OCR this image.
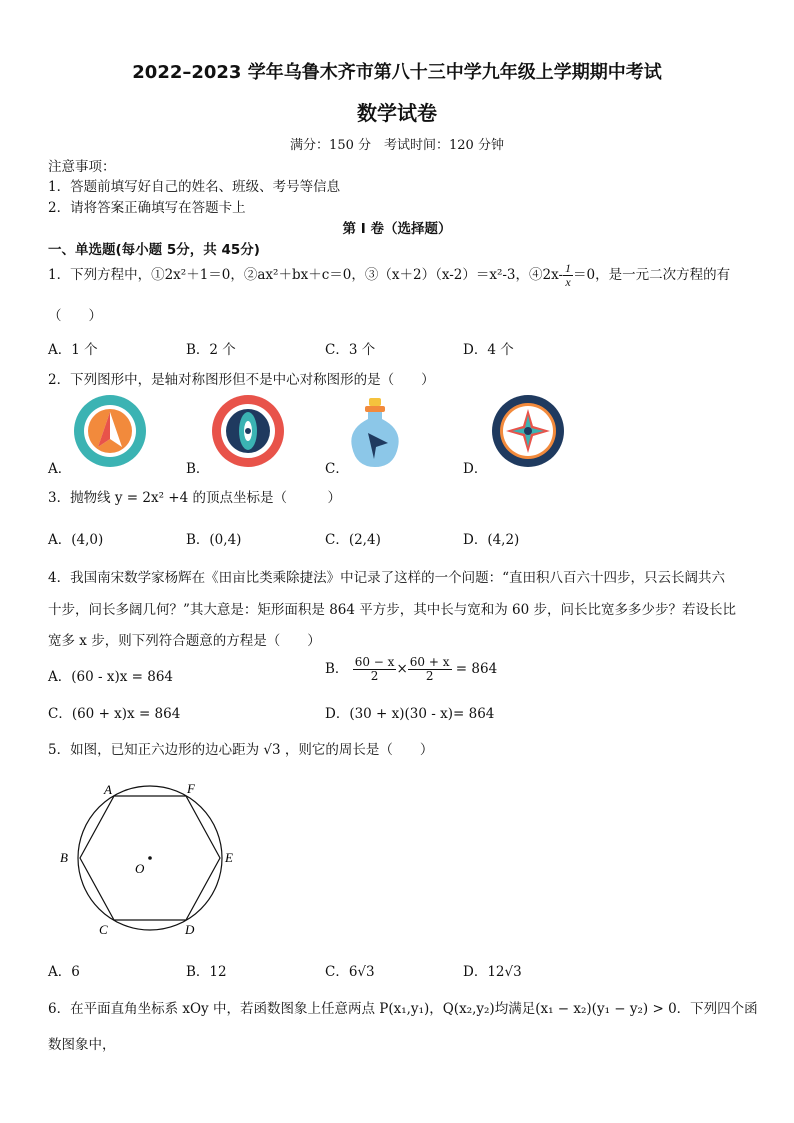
2022–2023 学年乌鲁木齐市第八十三中学九年级上学期期中考试
数学试卷
满分：150 分　考试时间：120 分钟
注意事项：
1．答题前填写好自己的姓名、班级、考号等信息
2．请将答案正确填写在答题卡上
第 I 卷（选择题）
一、单选题(每小题 5分，共 45分)
1．下列方程中，①2x²＋1＝0，②ax²＋bx＋c＝0，③（x＋2）（x-2）＝x²-3，④2x- $\frac{1}{x} =0$，是一元二次方程的有
（　　）
A．1 个	B．2 个	C．3 个	D．4 个
2．下列图形中，是轴对称图形但不是中心对称图形的是（　　）
A．	B．	C．	D．
3．抛物线 y = 2x² +4 的顶点坐标是（　　　）
A．(4,0)	B．(0,4)	C．(2,4)	D．(4,2)
4．我国南宋数学家杨辉在《田亩比类乘除捷法》中记录了这样的一个问题：“直田积八百六十四步，只云长阔共六
十步，问长多阔几何？”其大意是：矩形面积是 864 平方步，其中长与宽和为 60 步，问长比宽多多少步？若设长比
宽多 x 步，则下列符合题意的方程是（　　）
A．(60 - x)x = 864	B． $\frac{60 - x}{2} \times \frac{60 + x}{2} = 864$
C．(60 + x)x = 864	D．(30 + x)(30 - x)= 864
5．如图，已知正六边形的边心距为 √3 ，则它的周长是（　　）
A	F
B	E
C	D
O
A．6	B．12	C．6√3	D．12√3
6．在平面直角坐标系 xOy 中，若函数图象上任意两点 P(x₁,y₁)，Q(x₂,y₂)均满足(x₁ − x₂)(y₁ − y₂) > 0．下列四个函
数图象中，
